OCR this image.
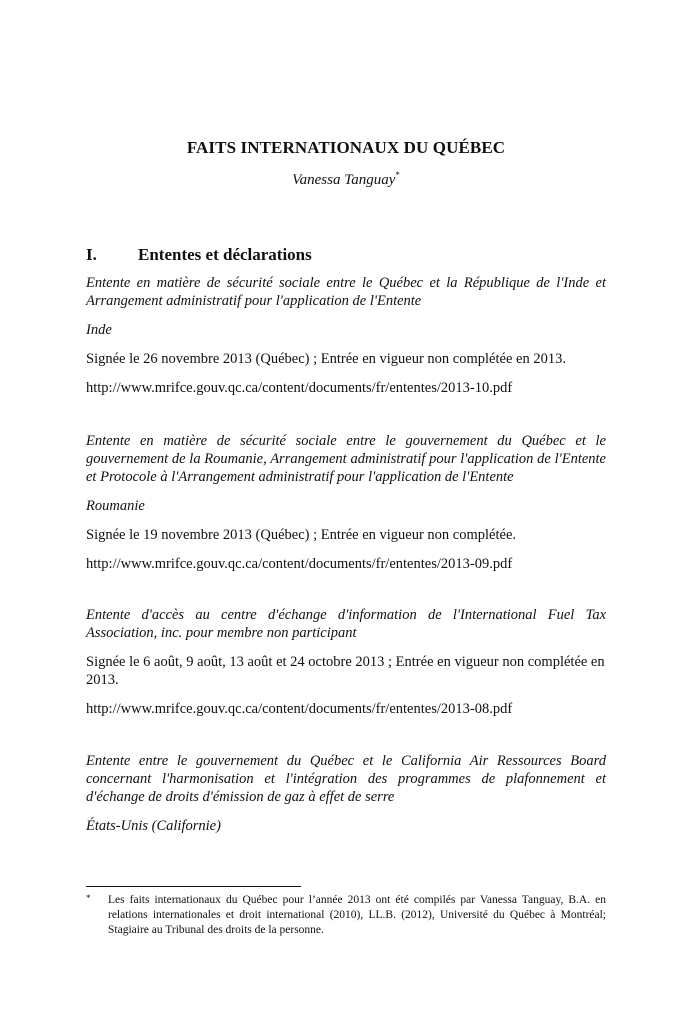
FAITS INTERNATIONAUX DU QUÉBEC
Vanessa Tanguay*
I. Ententes et déclarations

Entente en matière de sécurité sociale entre le Québec et la République de l'Inde et Arrangement administratif pour l'application de l'Entente

Inde

Signée le 26 novembre 2013 (Québec) ; Entrée en vigueur non complétée en 2013.

http://www.mrifce.gouv.qc.ca/content/documents/fr/ententes/2013-10.pdf

Entente en matière de sécurité sociale entre le gouvernement du Québec et le gouvernement de la Roumanie, Arrangement administratif pour l'application de l'Entente et Protocole à l'Arrangement administratif pour l'application de l'Entente

Roumanie

Signée le 19 novembre 2013 (Québec) ; Entrée en vigueur non complétée.

http://www.mrifce.gouv.qc.ca/content/documents/fr/ententes/2013-09.pdf

Entente d'accès au centre d'échange d'information de l'International Fuel Tax Association, inc. pour membre non participant

Signée le 6 août, 9 août, 13 août et 24 octobre 2013 ; Entrée en vigueur non complétée en 2013.

http://www.mrifce.gouv.qc.ca/content/documents/fr/ententes/2013-08.pdf

Entente entre le gouvernement du Québec et le California Air Ressources Board concernant l'harmonisation et l'intégration des programmes de plafonnement et d'échange de droits d'émission de gaz à effet de serre

États-Unis (Californie)

*	Les faits internationaux du Québec pour l’année 2013 ont été compilés par Vanessa Tanguay, B.A. en relations internationales et droit international (2010), LL.B. (2012), Université du Québec à Montréal; Stagiaire au Tribunal des droits de la personne.
